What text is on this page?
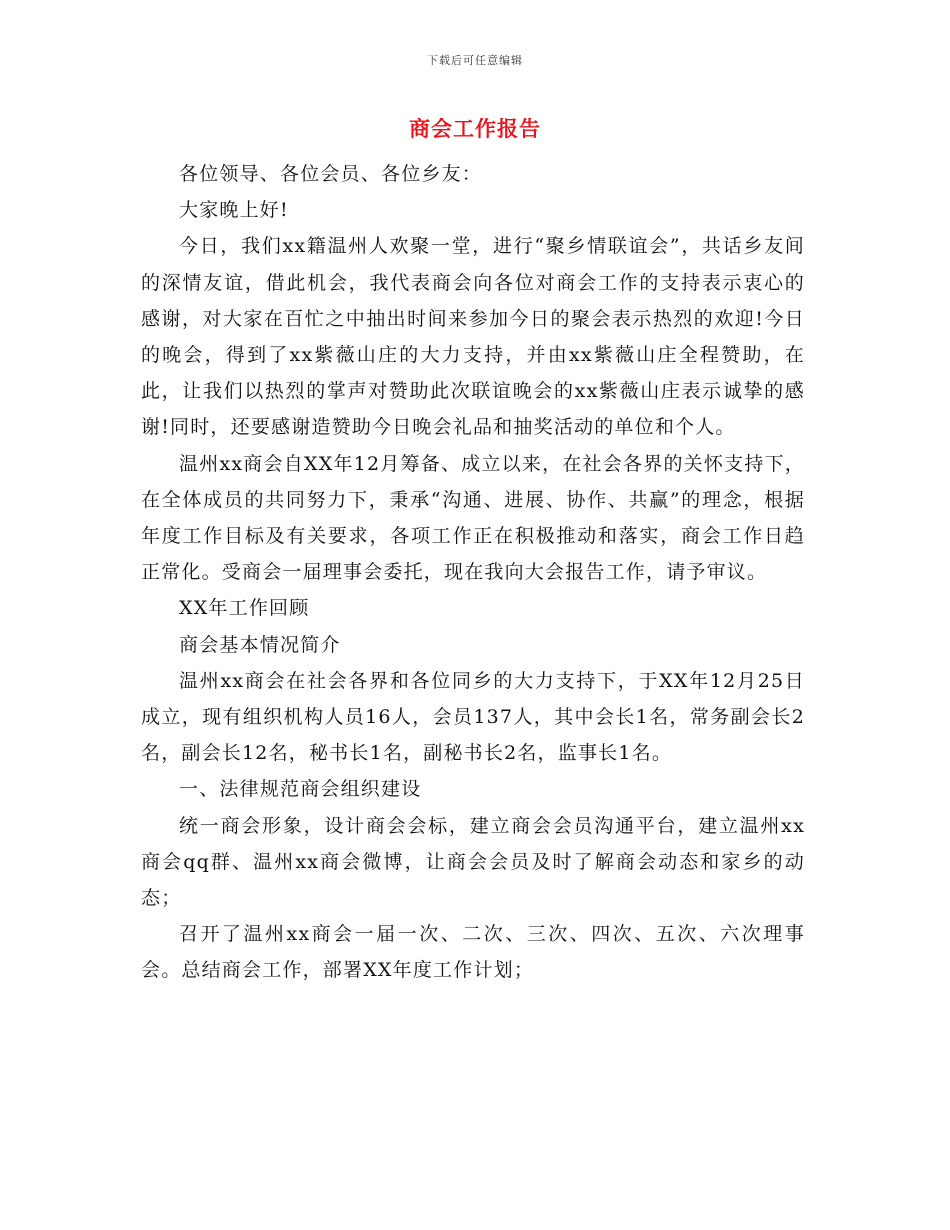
下载后可任意编辑
商会工作报告

各位领导、各位会员、各位乡友：

大家晚上好!

今日，我们xx籍温州人欢聚一堂，进行“聚乡情联谊会”，共话乡友间的深情友谊，借此机会，我代表商会向各位对商会工作的支持表示衷心的感谢，对大家在百忙之中抽出时间来参加今日的聚会表示热烈的欢迎!今日的晚会，得到了xx紫薇山庄的大力支持，并由xx紫薇山庄全程赞助，在此，让我们以热烈的掌声对赞助此次联谊晚会的xx紫薇山庄表示诚挚的感谢!同时，还要感谢造赞助今日晚会礼品和抽奖活动的单位和个人。

温州xx商会自XX年12月筹备、成立以来，在社会各界的关怀支持下，在全体成员的共同努力下，秉承“沟通、进展、协作、共赢”的理念，根据年度工作目标及有关要求，各项工作正在积极推动和落实，商会工作日趋正常化。受商会一届理事会委托，现在我向大会报告工作，请予审议。

XX年工作回顾

商会基本情况简介

温州xx商会在社会各界和各位同乡的大力支持下，于XX年12月25日成立，现有组织机构人员16人，会员137人，其中会长1名，常务副会长2名，副会长12名，秘书长1名，副秘书长2名，监事长1名。

一、法律规范商会组织建设

统一商会形象，设计商会会标，建立商会会员沟通平台，建立温州xx商会qq群、温州xx商会微博，让商会会员及时了解商会动态和家乡的动态；

召开了温州xx商会一届一次、二次、三次、四次、五次、六次理事会。总结商会工作，部署XX年度工作计划；
